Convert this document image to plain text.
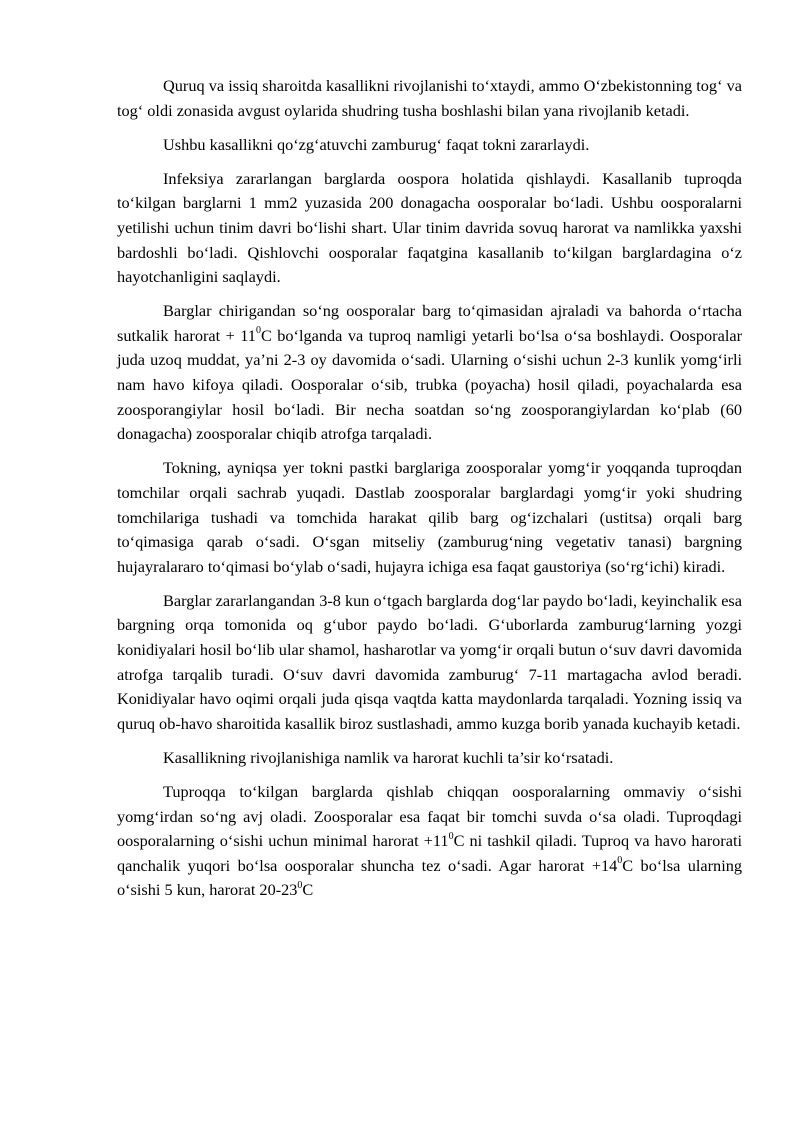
Quruq va issiq sharoitda kasallikni rivojlanishi to‘xtaydi, ammo O‘zbekistonning tog‘ va tog‘ oldi zonasida avgust oylarida shudring tusha boshlashi bilan yana rivojlanib ketadi.

Ushbu kasallikni qo‘zg‘atuvchi zamburug‘ faqat tokni zararlaydi.

Infeksiya zararlangan barglarda oospora holatida qishlaydi. Kasallanib tuproqda to‘kilgan barglarni 1 mm2 yuzasida 200 donagacha oosporalar bo‘ladi. Ushbu oosporalarni yetilishi uchun tinim davri bo‘lishi shart. Ular tinim davrida sovuq harorat va namlikka yaxshi bardoshli bo‘ladi. Qishlovchi oosporalar faqatgina kasallanib to‘kilgan barglardagina o‘z hayotchanligini saqlaydi.

Barglar chirigandan so‘ng oosporalar barg to‘qimasidan ajraladi va bahorda o‘rtacha sutkalik harorat + $11^0C$ bo‘lganda va tuproq namligi yetarli bo‘lsa o‘sa boshlaydi. Oosporalar juda uzoq muddat, ya’ni 2-3 oy davomida o‘sadi. Ularning o‘sishi uchun 2-3 kunlik yomg‘irli nam havo kifoya qiladi. Oosporalar o‘sib, trubka (poyacha) hosil qiladi, poyachalarda esa zoosporangiylar hosil bo‘ladi. Bir necha soatdan so‘ng zoosporangiylardan ko‘plab (60 donagacha) zoosporalar chiqib atrofga tarqaladi.

Tokning, ayniqsa yer tokni pastki barglariga zoosporalar yomg‘ir yoqqanda tuproqdan tomchilar orqali sachrab yuqadi. Dastlab zoosporalar barglardagi yomg‘ir yoki shudring tomchilariga tushadi va tomchida harakat qilib barg og‘izchalari (ustitsa) orqali barg to‘qimasiga qarab o‘sadi. O‘sgan mitseliy (zamburug‘ning vegetativ tanasi) bargning hujayralararo to‘qimasi bo‘ylab o‘sadi, hujayra ichiga esa faqat gaustoriya (so‘rg‘ichi) kiradi.

Barglar zararlangandan 3-8 kun o‘tgach barglarda dog‘lar paydo bo‘ladi, keyinchalik esa bargning orqa tomonida oq g‘ubor paydo bo‘ladi. G‘uborlarda zamburug‘larning yozgi konidiyalari hosil bo‘lib ular shamol, hasharotlar va yomg‘ir orqali butun o‘suv davri davomida atrofga tarqalib turadi. O‘suv davri davomida zamburug‘ 7-11 martagacha avlod beradi. Konidiyalar havo oqimi orqali juda qisqa vaqtda katta maydonlarda tarqaladi. Yozning issiq va quruq ob-havo sharoitida kasallik biroz sustlashadi, ammo kuzga borib yanada kuchayib ketadi.

Kasallikning rivojlanishiga namlik va harorat kuchli ta’sir ko‘rsatadi.

Tuproqqa to‘kilgan barglarda qishlab chiqqan oosporalarning ommaviy o‘sishi yomg‘irdan so‘ng avj oladi. Zoosporalar esa faqat bir tomchi suvda o‘sa oladi. Tuproqdagi oosporalarning o‘sishi uchun minimal harorat $+11^0C$ ni tashkil qiladi. Tuproq va havo harorati qanchalik yuqori bo‘lsa oosporalar shuncha tez o‘sadi. Agar harorat $+14^0C$ bo‘lsa ularning o‘sishi 5 kun, harorat $20-23^0C$
